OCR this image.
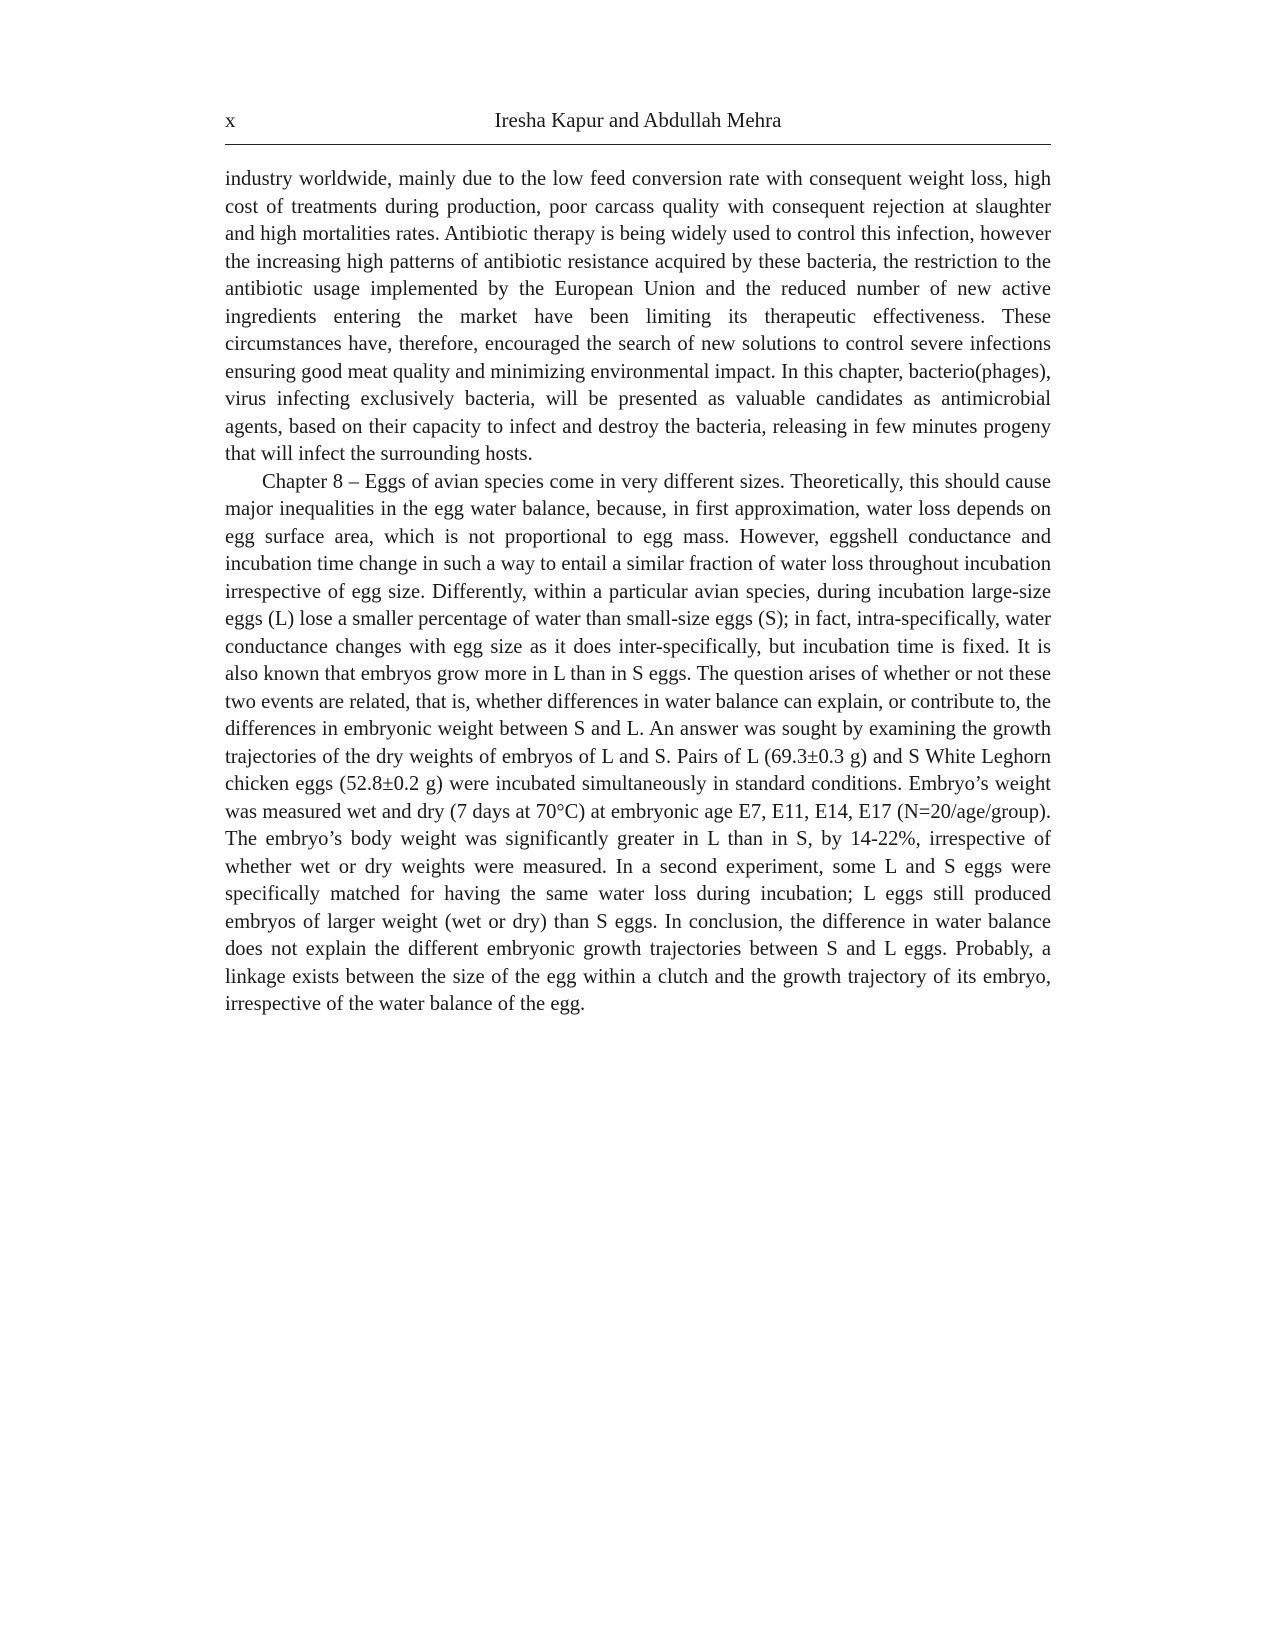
x	Iresha Kapur and Abdullah Mehra

industry worldwide, mainly due to the low feed conversion rate with consequent weight loss, high cost of treatments during production, poor carcass quality with consequent rejection at slaughter and high mortalities rates. Antibiotic therapy is being widely used to control this infection, however the increasing high patterns of antibiotic resistance acquired by these bacteria, the restriction to the antibiotic usage implemented by the European Union and the reduced number of new active ingredients entering the market have been limiting its therapeutic effectiveness. These circumstances have, therefore, encouraged the search of new solutions to control severe infections ensuring good meat quality and minimizing environmental impact. In this chapter, bacterio(phages), virus infecting exclusively bacteria, will be presented as valuable candidates as antimicrobial agents, based on their capacity to infect and destroy the bacteria, releasing in few minutes progeny that will infect the surrounding hosts.

Chapter 8 – Eggs of avian species come in very different sizes. Theoretically, this should cause major inequalities in the egg water balance, because, in first approximation, water loss depends on egg surface area, which is not proportional to egg mass. However, eggshell conductance and incubation time change in such a way to entail a similar fraction of water loss throughout incubation irrespective of egg size. Differently, within a particular avian species, during incubation large-size eggs (L) lose a smaller percentage of water than small-size eggs (S); in fact, intra-specifically, water conductance changes with egg size as it does inter-specifically, but incubation time is fixed. It is also known that embryos grow more in L than in S eggs. The question arises of whether or not these two events are related, that is, whether differences in water balance can explain, or contribute to, the differences in embryonic weight between S and L. An answer was sought by examining the growth trajectories of the dry weights of embryos of L and S. Pairs of L (69.3±0.3 g) and S White Leghorn chicken eggs (52.8±0.2 g) were incubated simultaneously in standard conditions. Embryo’s weight was measured wet and dry (7 days at 70°C) at embryonic age E7, E11, E14, E17 (N=20/age/group). The embryo’s body weight was significantly greater in L than in S, by 14-22%, irrespective of whether wet or dry weights were measured. In a second experiment, some L and S eggs were specifically matched for having the same water loss during incubation; L eggs still produced embryos of larger weight (wet or dry) than S eggs. In conclusion, the difference in water balance does not explain the different embryonic growth trajectories between S and L eggs. Probably, a linkage exists between the size of the egg within a clutch and the growth trajectory of its embryo, irrespective of the water balance of the egg.
